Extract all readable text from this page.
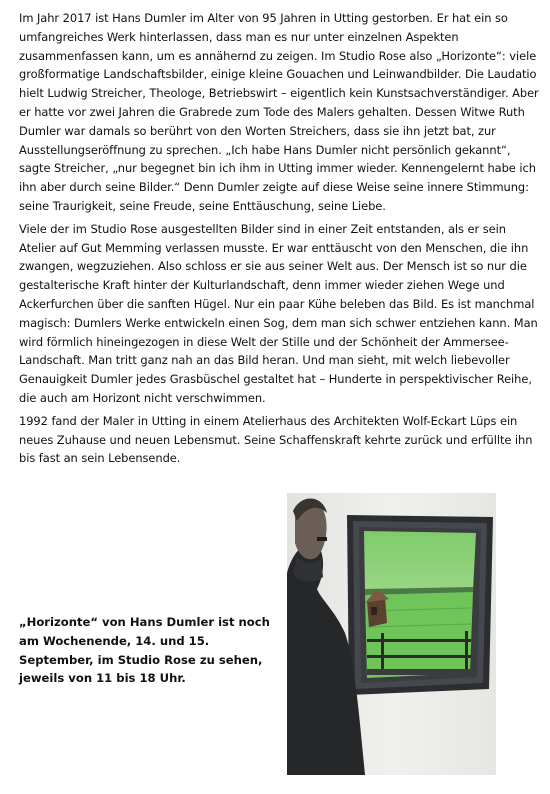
Im Jahr 2017 ist Hans Dumler im Alter von 95 Jahren in Utting gestorben. Er hat ein so umfangreiches Werk hinterlassen, dass man es nur unter einzelnen Aspekten zusammenfassen kann, um es annähernd zu zeigen. Im Studio Rose also „Horizonte“: viele großformatige Landschaftsbilder, einige kleine Gouachen und Leinwandbilder. Die Laudatio hielt Ludwig Streicher, Theologe, Betriebswirt – eigentlich kein Kunstsachverständiger. Aber er hatte vor zwei Jahren die Grabrede zum Tode des Malers gehalten. Dessen Witwe Ruth Dumler war damals so berührt von den Worten Streichers, dass sie ihn jetzt bat, zur Ausstellungseröffnung zu sprechen. „Ich habe Hans Dumler nicht persönlich gekannt“, sagte Streicher, „nur begegnet bin ich ihm in Utting immer wieder. Kennengelernt habe ich ihn aber durch seine Bilder.“ Denn Dumler zeigte auf diese Weise seine innere Stimmung: seine Traurigkeit, seine Freude, seine Enttäuschung, seine Liebe.

Viele der im Studio Rose ausgestellten Bilder sind in einer Zeit entstanden, als er sein Atelier auf Gut Memming verlassen musste. Er war enttäuscht von den Menschen, die ihn zwangen, wegzuziehen. Also schloss er sie aus seiner Welt aus. Der Mensch ist so nur die gestalterische Kraft hinter der Kulturlandschaft, denn immer wieder ziehen Wege und Ackerfurchen über die sanften Hügel. Nur ein paar Kühe beleben das Bild. Es ist manchmal magisch: Dumlers Werke entwickeln einen Sog, dem man sich schwer entziehen kann. Man wird förmlich hineingezogen in diese Welt der Stille und der Schönheit der Ammersee-Landschaft. Man tritt ganz nah an das Bild heran. Und man sieht, mit welch liebevoller Genauigkeit Dumler jedes Grasbüschel gestaltet hat – Hunderte in perspektivischer Reihe, die auch am Horizont nicht verschwimmen.

1992 fand der Maler in Utting in einem Atelierhaus des Architekten Wolf-Eckart Lüps ein neues Zuhause und neuen Lebensmut. Seine Schaffenskraft kehrte zurück und erfüllte ihn bis fast an sein Lebensende.

„Horizonte“ von Hans Dumler ist noch am Wochenende, 14. und 15. September, im Studio Rose zu sehen, jeweils von 11 bis 18 Uhr.
